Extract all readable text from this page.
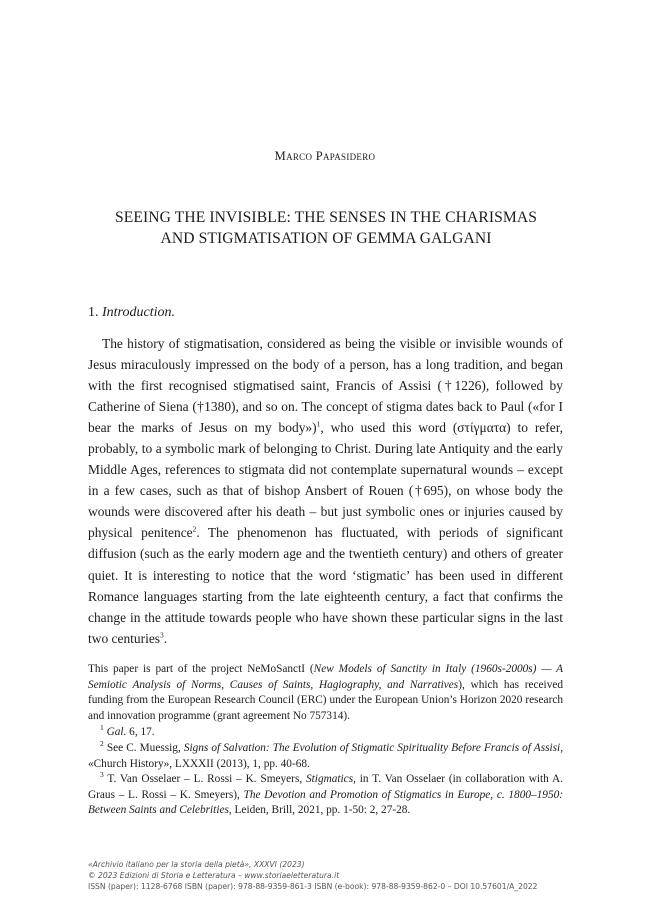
Marco Papasidero
SEEING THE INVISIBLE: THE SENSES IN THE CHARISMAS
AND STIGMATISATION OF GEMMA GALGANI
1. Introduction.
The history of stigmatisation, considered as being the visible or invisible wounds of Jesus miraculously impressed on the body of a person, has a long tradition, and began with the first recognised stigmatised saint, Francis of Assisi (†1226), followed by Catherine of Siena (†1380), and so on. The concept of stigma dates back to Paul («for I bear the marks of Jesus on my body»)$^1$, who used this word (στίγματα) to refer, probably, to a symbolic mark of belonging to Christ. During late Antiquity and the early Middle Ages, references to stigmata did not contemplate supernatural wounds – except in a few cases, such as that of bishop Ansbert of Rouen (†695), on whose body the wounds were discovered after his death – but just symbolic ones or injuries caused by physical penitence$^2$. The phenomenon has fluctuated, with periods of significant diffusion (such as the early modern age and the twentieth century) and others of greater quiet. It is interesting to notice that the word ‘stigmatic’ has been used in different Romance languages starting from the late eighteenth century, a fact that confirms the change in the attitude towards people who have shown these particular signs in the last two centuries$^3$.
This paper is part of the project NeMoSanctI (New Models of Sanctity in Italy (1960s-2000s) — A Semiotic Analysis of Norms, Causes of Saints, Hagiography, and Narratives), which has received funding from the European Research Council (ERC) under the European Union’s Horizon 2020 research and innovation programme (grant agreement No 757314).
$^1$ Gal. 6, 17.
$^2$ See C. Muessig, Signs of Salvation: The Evolution of Stigmatic Spirituality Before Francis of Assisi, «Church History», LXXXII (2013), 1, pp. 40-68.
$^3$ T. Van Osselaer – L. Rossi – K. Smeyers, Stigmatics, in T. Van Osselaer (in collaboration with A. Graus – L. Rossi – K. Smeyers), The Devotion and Promotion of Stigmatics in Europe, c. 1800–1950: Between Saints and Celebrities, Leiden, Brill, 2021, pp. 1-50: 2, 27-28.
«Archivio italiano per la storia della pietà», XXXVI (2023)
© 2023 Edizioni di Storia e Letteratura – www.storiaeletteratura.it
ISSN (paper): 1128-6768 ISBN (paper): 978-88-9359-861-3 ISBN (e-book): 978-88-9359-862-0 – DOI 10.57601/A_2022
